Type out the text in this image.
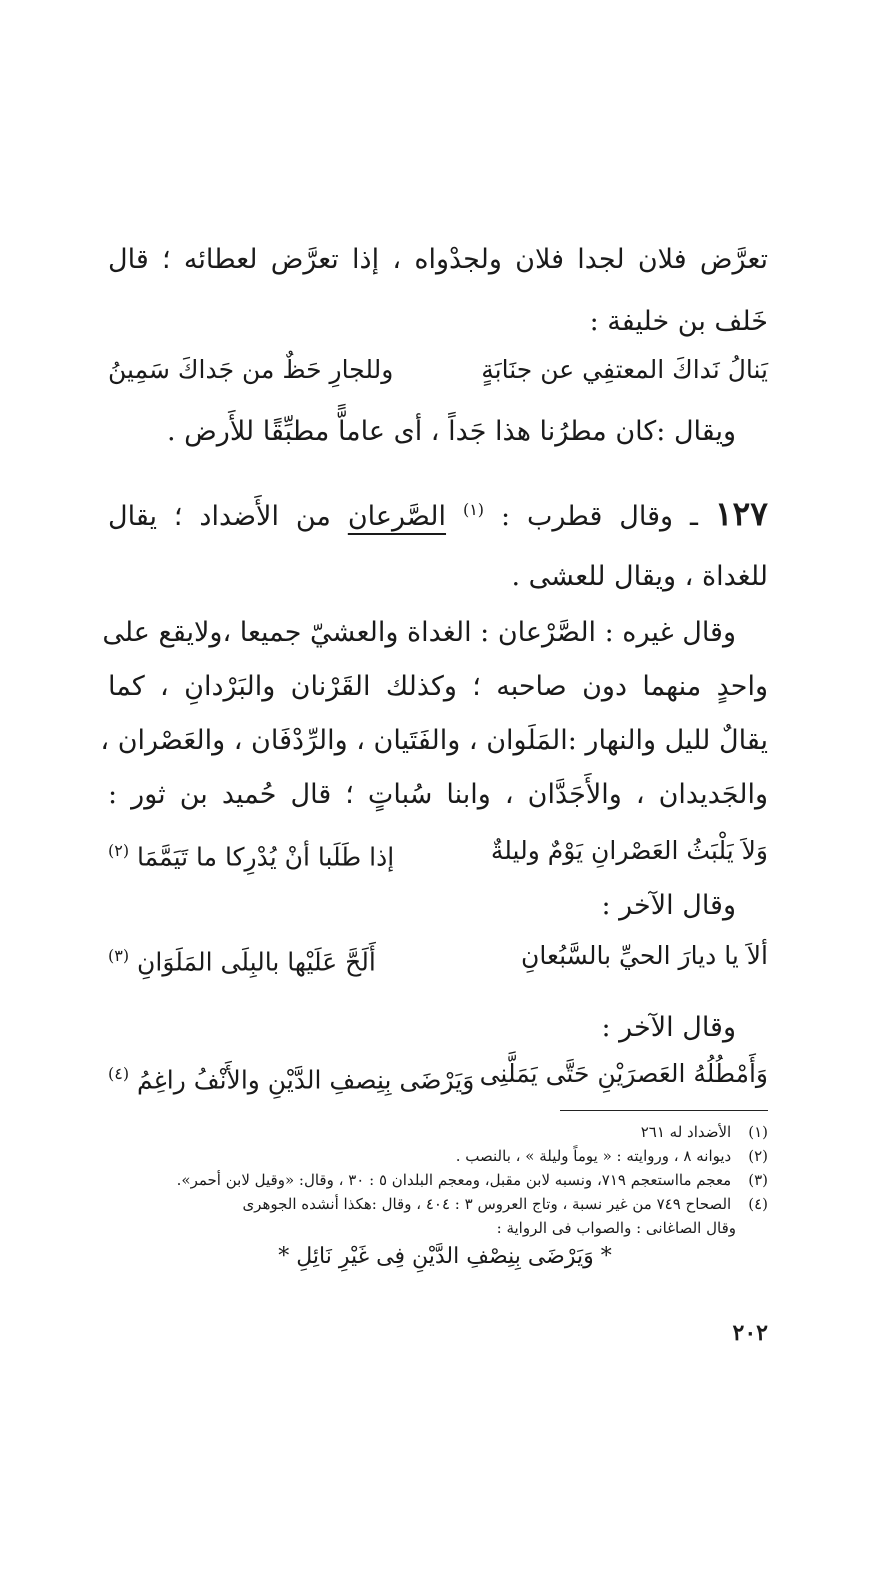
تعرَّض فلان لجدا فلان ولجدْواه ، إذا تعرَّض لعطائه ؛ قال
خَلف بن خليفة :
يَنالُ نَداكَ المعتفِي عن جنَابَةٍ
وللجارِ حَظٌ من جَداكَ سَمِينُ
ويقال :كان مطرُنا هذا جَداً ، أى عاماًّ مطبِّقًا للأَرض .
١٢٧ ـ وقال قطرب : $^{(١)}$ الصَّرعان من الأَضداد ؛ يقال
للغداة ، ويقال للعشى .
وقال غيره : الصَّرْعان : الغداة والعشيّ جميعا ،ولايقع على
واحدٍ منهما دون صاحبه ؛ وكذلك القَرْنان والبَرْدانِ ، كما
يقالٌ لليل والنهار :المَلَوان ، والفَتَيان ، والرِّدْفَان ، والعَصْران ،
والجَديدان ، والأَجَدَّان ، وابنا سُباتٍ ؛ قال حُميد بن ثور :
وَلاَ يَلْبَثُ العَصْرانِ يَوْمٌ وليلةٌ
إذا طَلَبا أنْ يُدْرِكا ما تَيَمَّمَا $^{(٢)}$
وقال الآخر :
ألاَ يا ديارَ الحيِّ بالسَّبُعانِ
أَلَحَّ عَلَيْها بالبِلَى المَلَوَانِ $^{(٣)}$
وقال الآخر :
وَأَمْطُلُهُ العَصرَيْنِ حَتَّى يَمَلَّنِى
وَيَرْضَى بِنِصفِ الدَّيْنِ والأَنْفُ راغِمُ $^{(٤)}$
(١) الأضداد له ٢٦١
(٢) ديوانه ٨ ، وروايته : « يوماً وليلة » ، بالنصب .
(٣) معجم مااستعجم ٧١٩، ونسبه لابن مقبل، ومعجم البلدان ٥ : ٣٠ ، وقال: «وقيل لابن أحمر».
(٤) الصحاح ٧٤٩ من غير نسبة ، وتاج العروس ٣ : ٤٠٤ ، وقال :هكذا أنشده الجوهرى
وقال الصاغانى : والصواب فى الرواية :
* وَيَرْضَى بِنِصْفِ الدَّيْنِ فِى غَيْرِ نَائِلِ *
٢٠٢
